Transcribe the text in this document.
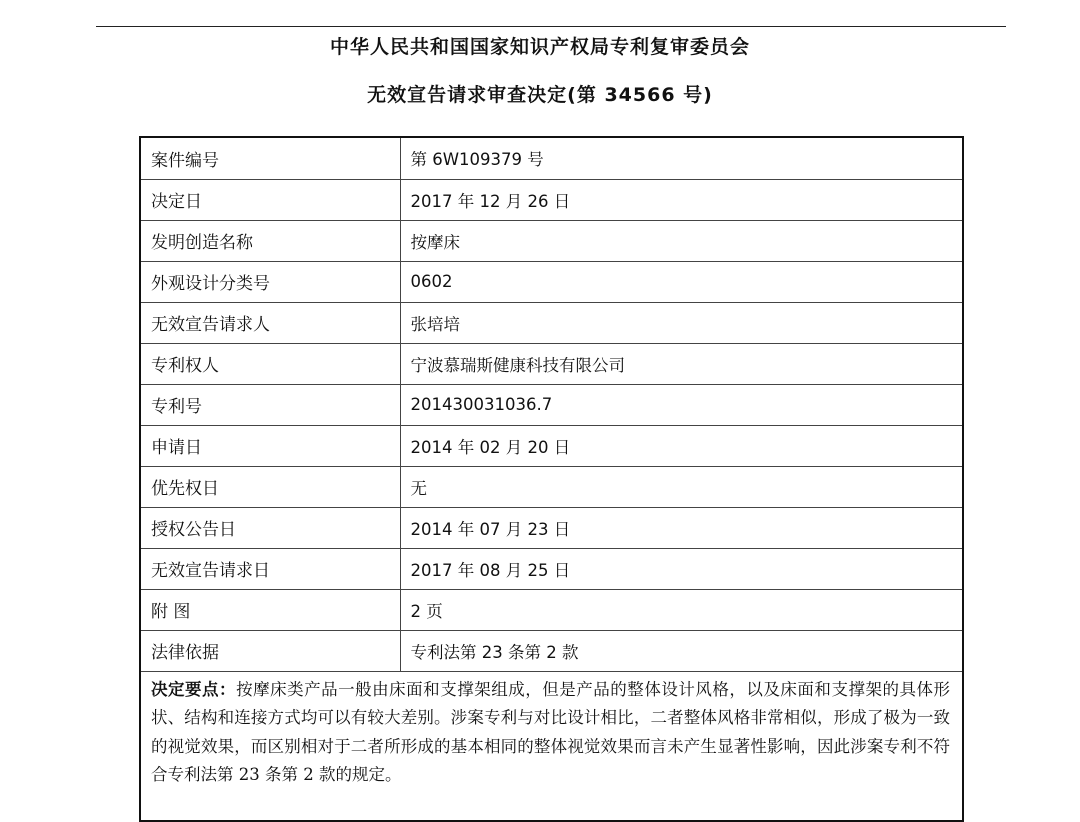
中华人民共和国国家知识产权局专利复审委员会
无效宣告请求审查决定(第 34566 号)
案件编号	第 6W109379 号
决定日	2017 年 12 月 26 日
发明创造名称	按摩床
外观设计分类号	0602
无效宣告请求人	张培培
专利权人	宁波慕瑞斯健康科技有限公司
专利号	201430031036.7
申请日	2014 年 02 月 20 日
优先权日	无
授权公告日	2014 年 07 月 23 日
无效宣告请求日	2017 年 08 月 25 日
附 图	2 页
法律依据	专利法第 23 条第 2 款
决定要点：按摩床类产品一般由床面和支撑架组成，但是产品的整体设计风格，以及床面和支撑架的具体形状、结构和连接方式均可以有较大差别。涉案专利与对比设计相比，二者整体风格非常相似，形成了极为一致的视觉效果，而区别相对于二者所形成的基本相同的整体视觉效果而言未产生显著性影响，因此涉案专利不符合专利法第 23 条第 2 款的规定。	
